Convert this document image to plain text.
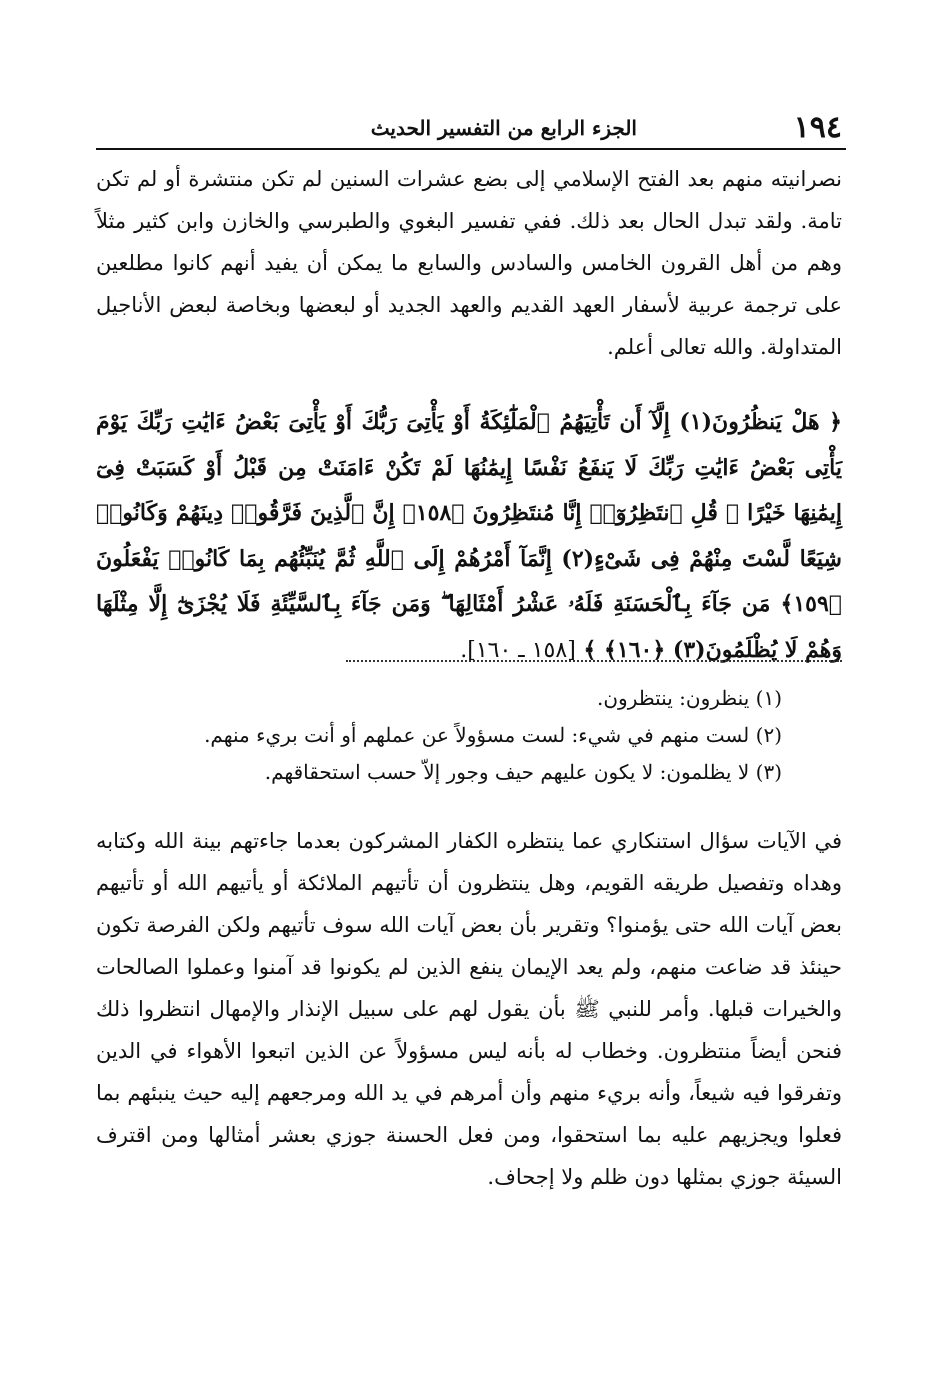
١٩٤
الجزء الرابع من التفسير الحديث
نصرانيته منهم بعد الفتح الإسلامي إلى بضع عشرات السنين لم تكن منتشرة أو لم تكن تامة. ولقد تبدل الحال بعد ذلك. ففي تفسير البغوي والطبرسي والخازن وابن كثير مثلاً وهم من أهل القرون الخامس والسادس والسابع ما يمكن أن يفيد أنهم كانوا مطلعين على ترجمة عربية لأسفار العهد القديم والعهد الجديد أو لبعضها وبخاصة لبعض الأناجيل المتداولة. والله تعالى أعلم.
﴿ هَلْ يَنظُرُونَ(١) إِلَّآ أَن تَأْتِيَهُمُ ٱلْمَلَٰٓئِكَةُ أَوْ يَأْتِىَ رَبُّكَ أَوْ يَأْتِىَ بَعْضُ ءَايَٰتِ رَبِّكَ يَوْمَ يَأْتِى بَعْضُ ءَايَٰتِ رَبِّكَ لَا يَنفَعُ نَفْسًا إِيمَٰنُهَا لَمْ تَكُنْ ءَامَنَتْ مِن قَبْلُ أَوْ كَسَبَتْ فِىٓ إِيمَٰنِهَا خَيْرًا ۗ قُلِ ٱنتَظِرُوٓا۟ إِنَّا مُنتَظِرُونَ ﴿١٥٨﴾ إِنَّ ٱلَّذِينَ فَرَّقُوا۟ دِينَهُمْ وَكَانُوا۟ شِيَعًا لَّسْتَ مِنْهُمْ فِى شَىْءٍ(٢) إِنَّمَآ أَمْرُهُمْ إِلَى ٱللَّهِ ثُمَّ يُنَبِّئُهُم بِمَا كَانُوا۟ يَفْعَلُونَ ﴿١٥٩﴾ مَن جَآءَ بِٱلْحَسَنَةِ فَلَهُۥ عَشْرُ أَمْثَالِهَا ۖ وَمَن جَآءَ بِٱلسَّيِّئَةِ فَلَا يُجْزَىٰٓ إِلَّا مِثْلَهَا وَهُمْ لَا يُظْلَمُونَ(٣) ﴿١٦٠﴾ ﴾ [١٥٨ ـ ١٦٠].
(١) ينظرون: ينتظرون.
(٢) لست منهم في شيء: لست مسؤولاً عن عملهم أو أنت بريء منهم.
(٣) لا يظلمون: لا يكون عليهم حيف وجور إلاّ حسب استحقاقهم.
في الآيات سؤال استنكاري عما ينتظره الكفار المشركون بعدما جاءتهم بينة الله وكتابه وهداه وتفصيل طريقه القويم، وهل ينتظرون أن تأتيهم الملائكة أو يأتيهم الله أو تأتيهم بعض آيات الله حتى يؤمنوا؟ وتقرير بأن بعض آيات الله سوف تأتيهم ولكن الفرصة تكون حينئذ قد ضاعت منهم، ولم يعد الإيمان ينفع الذين لم يكونوا قد آمنوا وعملوا الصالحات والخيرات قبلها. وأمر للنبي ﷺ بأن يقول لهم على سبيل الإنذار والإمهال انتظروا ذلك فنحن أيضاً منتظرون. وخطاب له بأنه ليس مسؤولاً عن الذين اتبعوا الأهواء في الدين وتفرقوا فيه شيعاً، وأنه بريء منهم وأن أمرهم في يد الله ومرجعهم إليه حيث ينبئهم بما فعلوا ويجزيهم عليه بما استحقوا، ومن فعل الحسنة جوزي بعشر أمثالها ومن اقترف السيئة جوزي بمثلها دون ظلم ولا إجحاف.
